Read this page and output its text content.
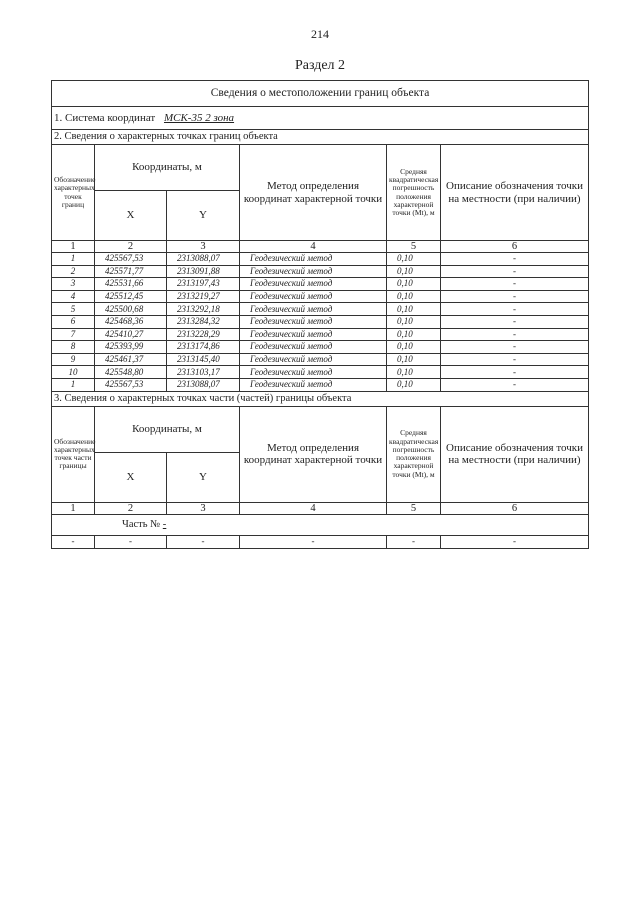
214
Раздел 2
Сведения о местоположении границ объекта					
1. Система координат МСК-35 2 зона					
2. Сведения о характерных точках границ объекта					
Обозначение характерных точек границ	Координаты, м		Метод определения координат характерной точки	Средняя квадратическая погрешность положения характерной точки (Мt), м	Описание обозначения точки на местности (при наличии)
	X	Y			
1	2	3	4	5	6
1	425567,53	2313088,07	Геодезический метод	0,10	-
2	425571,77	2313091,88	Геодезический метод	0,10	-
3	425531,66	2313197,43	Геодезический метод	0,10	-
4	425512,45	2313219,27	Геодезический метод	0,10	-
5	425500,68	2313292,18	Геодезический метод	0,10	-
6	425468,36	2313284,32	Геодезический метод	0,10	-
7	425410,27	2313228,29	Геодезический метод	0,10	-
8	425393,99	2313174,86	Геодезический метод	0,10	-
9	425461,37	2313145,40	Геодезический метод	0,10	-
10	425548,80	2313103,17	Геодезический метод	0,10	-
1	425567,53	2313088,07	Геодезический метод	0,10	-
3. Сведения о характерных точках части (частей) границы объекта					
Обозначение характерных точек части границы	Координаты, м		Метод определения координат характерной точки	Средняя квадратическая погрешность положения характерной точки (Мt), м	Описание обозначения точки на местности (при наличии)
	X	Y			
1	2	3	4	5	6
Часть № -					
-	-	-	-	-	-
